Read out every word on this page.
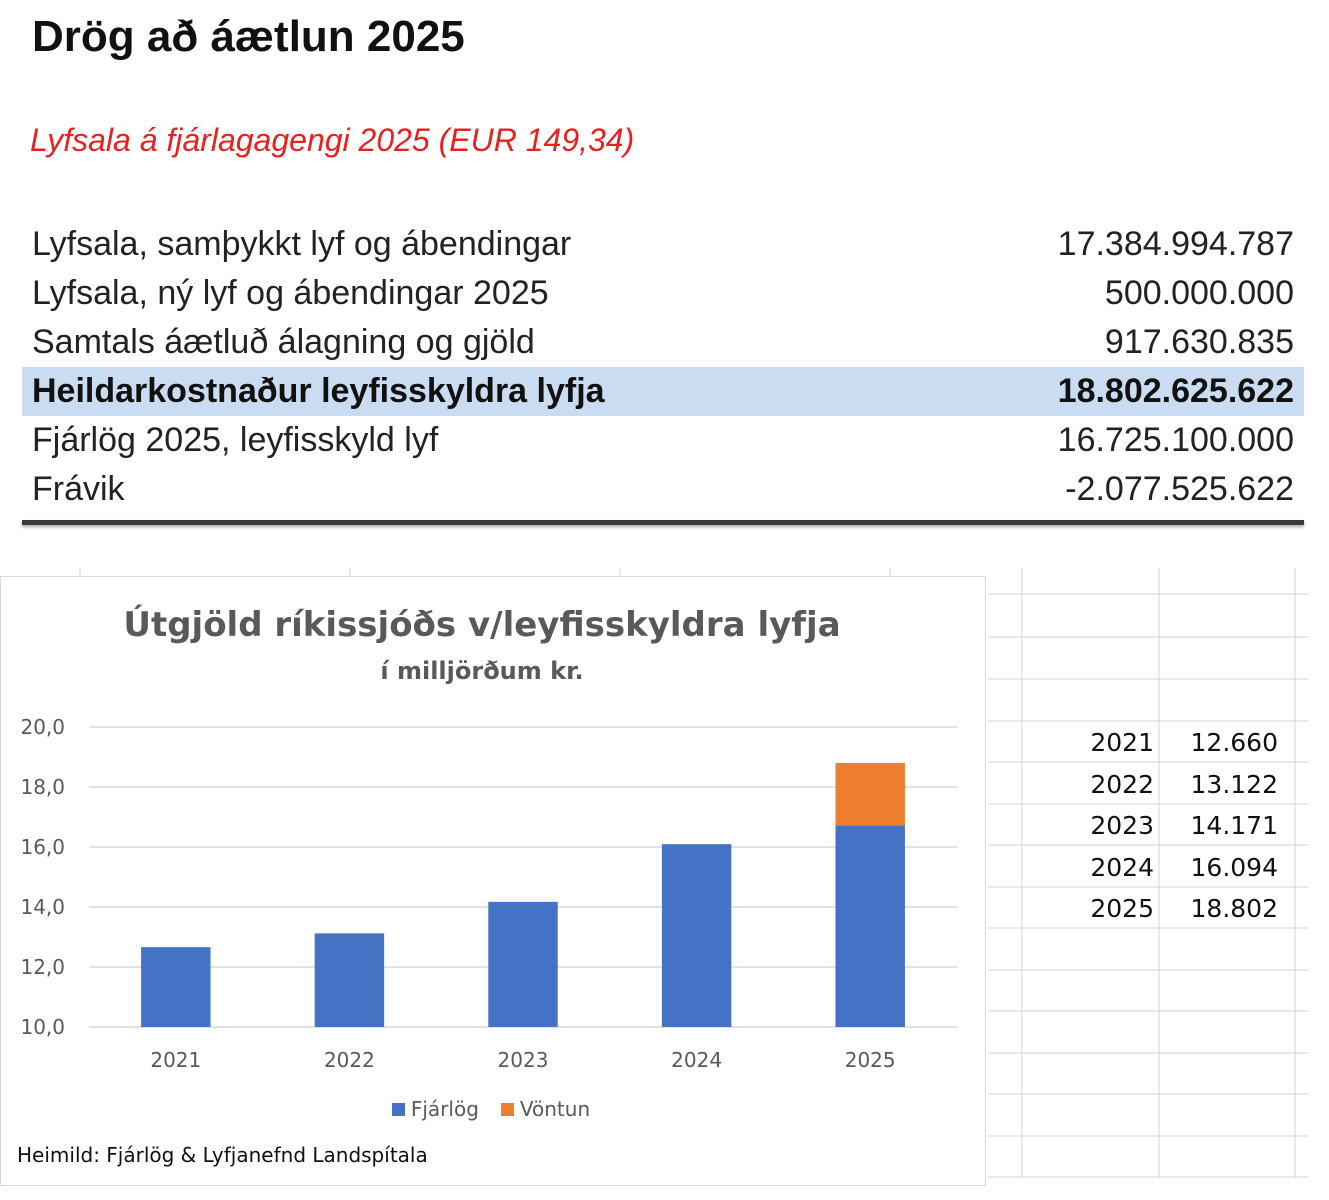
Drög að áætlun 2025
Lyfsala á fjárlagagengi 2025 (EUR 149,34)
Lyfsala, samþykkt lyf og ábendingar	17.384.994.787
Lyfsala, ný lyf og ábendingar 2025	500.000.000
Samtals áætluð álagning og gjöld	917.630.835
Heildarkostnaður leyfisskyldra lyfja	18.802.625.622
Fjárlög 2025, leyfisskyld lyf	16.725.100.000
Frávik	-2.077.525.622
10,0
12,0
14,0
16,0
18,0
20,0
2021	2022	2023	2024	2025
Útgjöld ríkissjóðs v/leyfisskyldra lyfja
í milljörðum kr.
Fjárlög Vöntun
Heimild: Fjárlög & Lyfjanefnd Landspítala
2021	12.660
2022	13.122
2023	14.171
2024	16.094
2025	18.802
